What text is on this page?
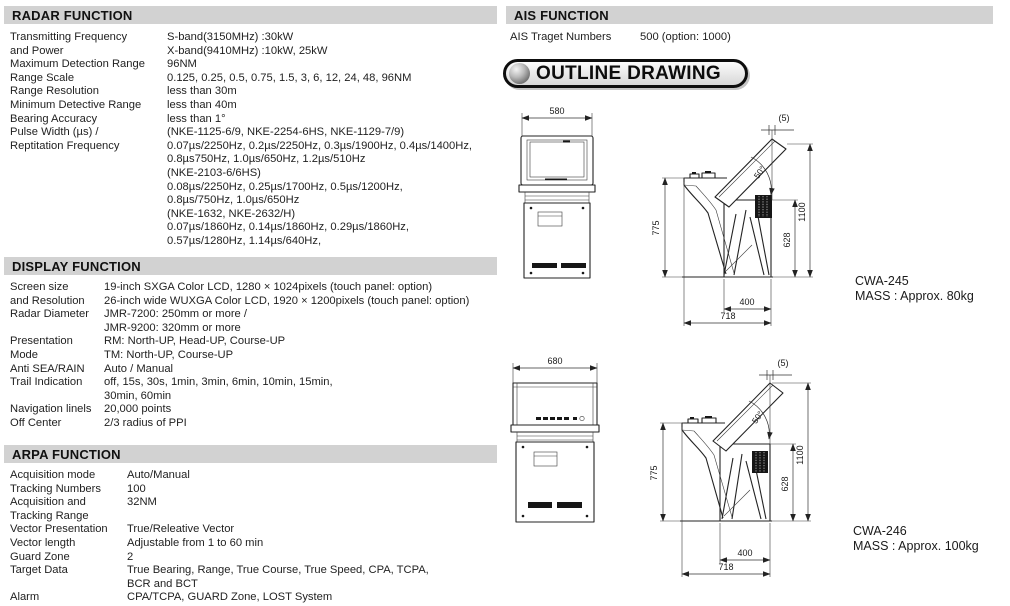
RADAR FUNCTION
Transmitting Frequency	S-band(3150MHz) :30kW
and Power	X-band(9410MHz) :10kW, 25kW
Maximum Detection Range	96NM
Range Scale	0.125, 0.25, 0.5, 0.75, 1.5, 3, 6, 12, 24, 48, 96NM
Range Resolution	less than 30m
Minimum Detective Range	less than 40m
Bearing Accuracy	less than 1°
Pulse Width (µs) /	(NKE-1125-6/9, NKE-2254-6HS, NKE-1129-7/9)
Reptitation Frequency	0.07µs/2250Hz, 0.2µs/2250Hz, 0.3µs/1900Hz, 0.4µs/1400Hz,
0.8µs750Hz, 1.0µs/650Hz, 1.2µs/510Hz
(NKE-2103-6/6HS)
0.08µs/2250Hz, 0.25µs/1700Hz, 0.5µs/1200Hz,
0.8µs/750Hz, 1.0µs/650Hz
(NKE-1632, NKE-2632/H)
0.07µs/1860Hz, 0.14µs/1860Hz, 0.29µs/1860Hz,
0.57µs/1280Hz, 1.14µs/640Hz,
DISPLAY FUNCTION
Screen size	19-inch SXGA Color LCD, 1280 × 1024pixels (touch panel: option)
and Resolution	26-inch wide WUXGA Color LCD, 1920 × 1200pixels (touch panel: option)
Radar Diameter	JMR-7200: 250mm or more /
JMR-9200: 320mm or more
Presentation	RM: North-UP, Head-UP, Course-UP
Mode	TM: North-UP, Course-UP
Anti SEA/RAIN	Auto / Manual
Trail Indication	off, 15s, 30s, 1min, 3min, 6min, 10min, 15min,
30min, 60min
Navigation linels	20,000 points
Off Center	2/3 radius of PPI
ARPA FUNCTION
Acquisition mode	Auto/Manual
Tracking Numbers	100
Acquisition and	32NM
Tracking Range
Vector Presentation	True/Releative Vector
Vector length	Adjustable from 1 to 60 min
Guard Zone	2
Target Data	True Bearing, Range, True Course, True Speed, CPA, TCPA,
BCR and BCT
Alarm	CPA/TCPA, GUARD Zone, LOST System
AIS FUNCTION
AIS Traget Numbers	500 (option: 1000)
OUTLINE DRAWING
580
50°
(5)
775
1100
628
400
718
CWA-245
MASS : Approx. 80kg
680
50°
(5)
775
1100
628
400
718
CWA-246
MASS : Approx. 100kg
